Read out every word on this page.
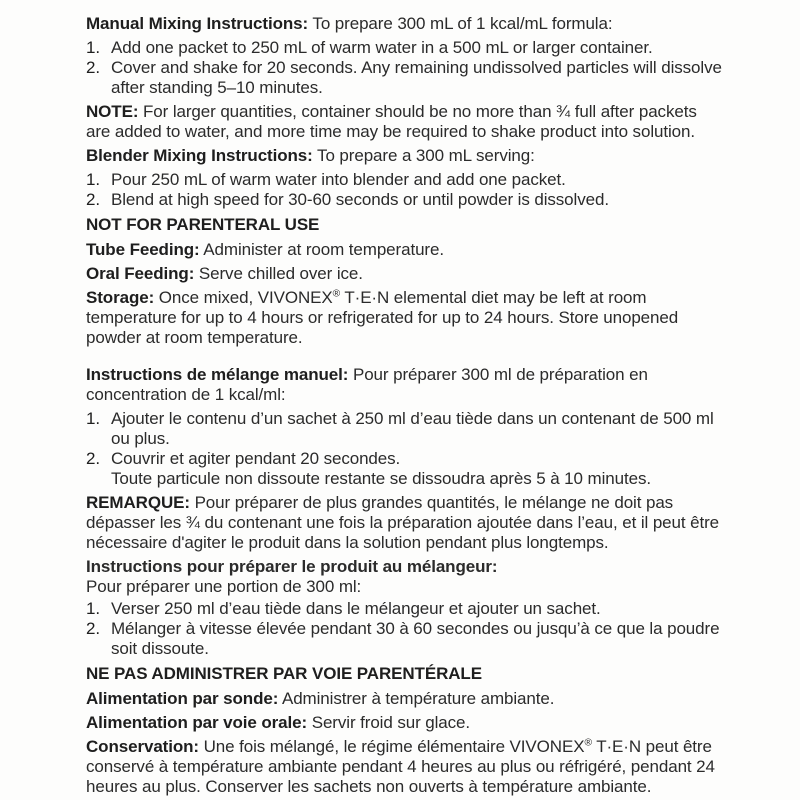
Manual Mixing Instructions: To prepare 300 mL of 1 kcal/mL formula:

1. Add one packet to 250 mL of warm water in a 500 mL or larger container.
2. Cover and shake for 20 seconds. Any remaining undissolved particles will dissolve after standing 5–10 minutes.

NOTE: For larger quantities, container should be no more than ¾ full after packets are added to water, and more time may be required to shake product into solution.

Blender Mixing Instructions: To prepare a 300 mL serving:

1. Pour 250 mL of warm water into blender and add one packet.
2. Blend at high speed for 30-60 seconds or until powder is dissolved.

NOT FOR PARENTERAL USE

Tube Feeding: Administer at room temperature.

Oral Feeding: Serve chilled over ice.

Storage: Once mixed, VIVONEX® T·E·N elemental diet may be left at room temperature for up to 4 hours or refrigerated for up to 24 hours. Store unopened powder at room temperature.

Instructions de mélange manuel: Pour préparer 300 ml de préparation en concentration de 1 kcal/ml:

1. Ajouter le contenu d’un sachet à 250 ml d’eau tiède dans un contenant de 500 ml ou plus.
2. Couvrir et agiter pendant 20 secondes.
Toute particule non dissoute restante se dissoudra après 5 à 10 minutes.

REMARQUE: Pour préparer de plus grandes quantités, le mélange ne doit pas dépasser les ¾ du contenant une fois la préparation ajoutée dans l’eau, et il peut être nécessaire d'agiter le produit dans la solution pendant plus longtemps.

Instructions pour préparer le produit au mélangeur:

Pour préparer une portion de 300 ml:

1. Verser 250 ml d’eau tiède dans le mélangeur et ajouter un sachet.
2. Mélanger à vitesse élevée pendant 30 à 60 secondes ou jusqu’à ce que la poudre soit dissoute.

NE PAS ADMINISTRER PAR VOIE PARENTÉRALE

Alimentation par sonde: Administrer à température ambiante.

Alimentation par voie orale: Servir froid sur glace.

Conservation: Une fois mélangé, le régime élémentaire VIVONEX® T·E·N peut être conservé à température ambiante pendant 4 heures au plus ou réfrigéré, pendant 24 heures au plus. Conserver les sachets non ouverts à température ambiante.
